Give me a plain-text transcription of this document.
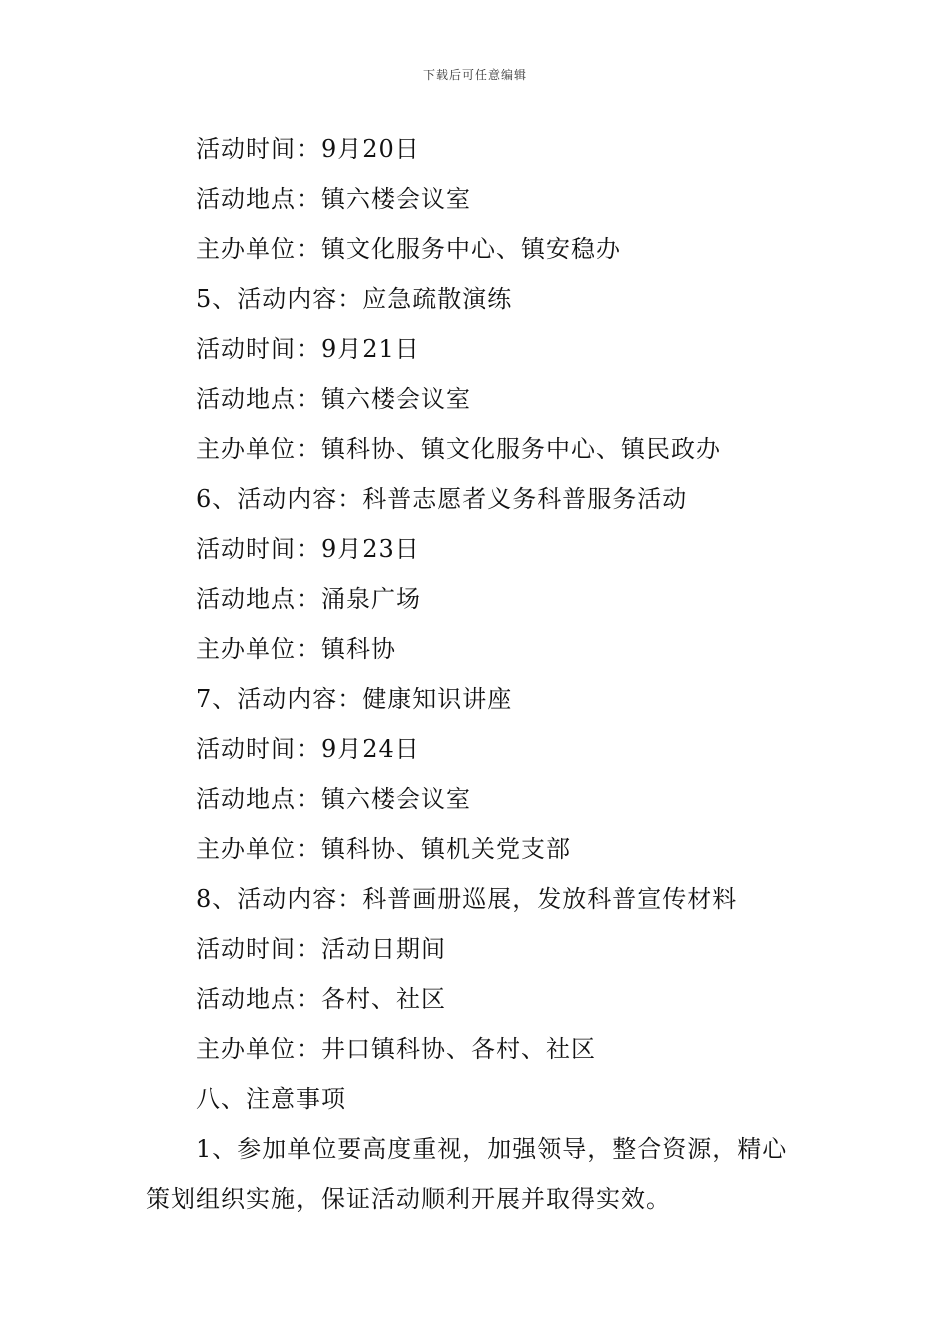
下载后可任意编辑
活动时间：9月20日
活动地点：镇六楼会议室
主办单位：镇文化服务中心、镇安稳办
5、活动内容：应急疏散演练
活动时间：9月21日
活动地点：镇六楼会议室
主办单位：镇科协、镇文化服务中心、镇民政办
6、活动内容：科普志愿者义务科普服务活动
活动时间：9月23日
活动地点：涌泉广场
主办单位：镇科协
7、活动内容：健康知识讲座
活动时间：9月24日
活动地点：镇六楼会议室
主办单位：镇科协、镇机关党支部
8、活动内容：科普画册巡展，发放科普宣传材料
活动时间：活动日期间
活动地点：各村、社区
主办单位：井口镇科协、各村、社区
八、注意事项
1、参加单位要高度重视，加强领导，整合资源，精心策划组织实施，保证活动顺利开展并取得实效。
